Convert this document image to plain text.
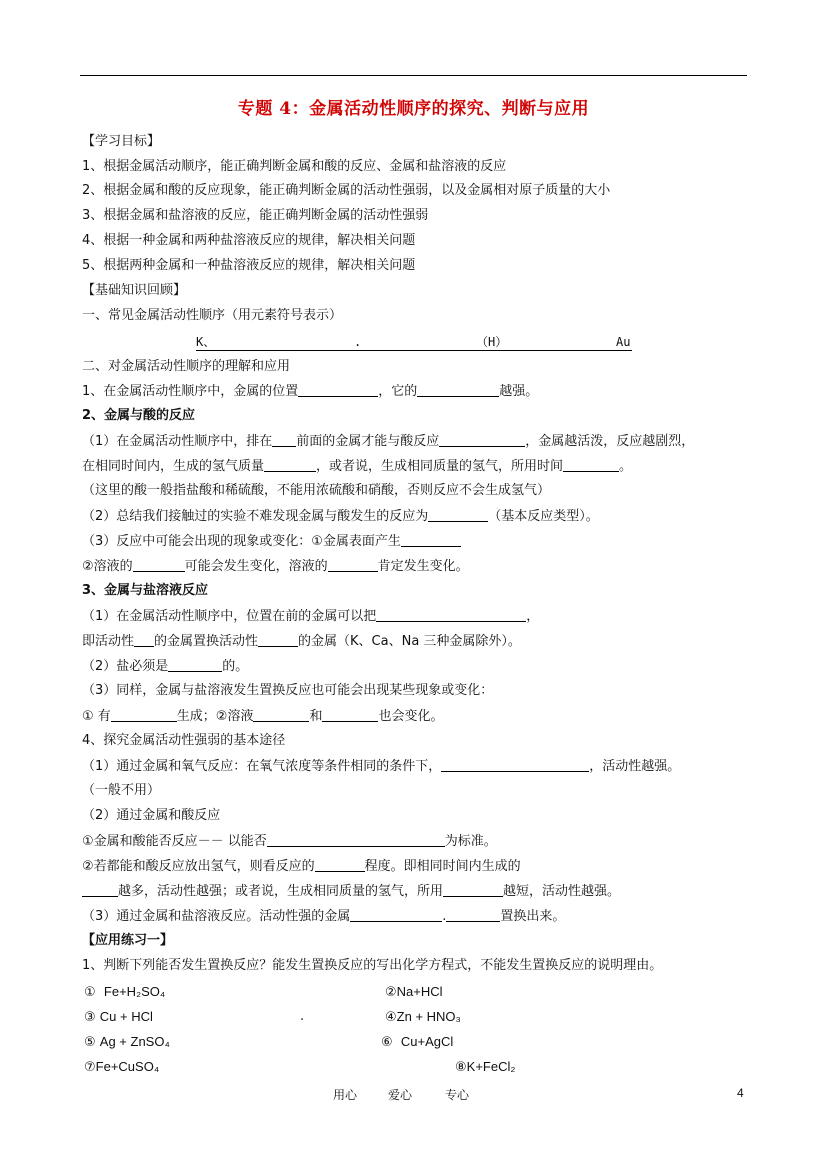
专题 4：金属活动性顺序的探究、判断与应用
【学习目标】
1、根据金属活动顺序，能正确判断金属和酸的反应、金属和盐溶液的反应
2、根据金属和酸的反应现象，能正确判断金属的活动性强弱，以及金属相对原子质量的大小
3、根据金属和盐溶液的反应，能正确判断金属的活动性强弱
4、根据一种金属和两种盐溶液反应的规律，解决相关问题
5、根据两种金属和一种盐溶液反应的规律，解决相关问题
【基础知识回顾】
一、常见金属活动性顺序（用元素符号表示）
K、	.	（H）	Au
二、对金属活动性顺序的理解和应用
1、在金属活动性顺序中，金属的位置	，它的	越强。
2、金属与酸的反应
（1）在金属活动性顺序中，排在 前面的金属才能与酸反应	，金属越活泼，反应越剧烈，
在相同时间内，生成的氢气质量	，或者说，生成相同质量的氢气，所用时间	。
（这里的酸一般指盐酸和稀硫酸，不能用浓硫酸和硝酸，否则反应不会生成氢气）
（2）总结我们接触过的实验不难发现金属与酸发生的反应为	（基本反应类型）。
（3）反应中可能会出现的现象或变化：①金属表面产生
②溶液的	可能会发生变化，溶液的	肯定发生变化。
3、金属与盐溶液反应
（1）在金属活动性顺序中，位置在前的金属可以把	，
即活动性 的金属置换活动性	的金属（K、Ca、Na 三种金属除外）。
（2）盐必须是	的。
（3）同样，金属与盐溶液发生置换反应也可能会出现某些现象或变化：
① 有	生成；②溶液	和	也会变化。
4、探究金属活动性强弱的基本途径
（1）通过金属和氧气反应：在氧气浓度等条件相同的条件下，	，活动性越强。
（一般不用）
（2）通过金属和酸反应
①金属和酸能否反应－－ 以能否	为标准。
②若都能和酸反应放出氢气，则看反应的	程度。即相同时间内生成的
越多，活动性越强；或者说，生成相同质量的氢气，所用	越短，活动性越强。
（3）通过金属和盐溶液反应。活动性强的金属	.	置换出来。
【应用练习一】
1、判断下列能否发生置换反应？能发生置换反应的写出化学方程式，不能发生置换反应的说明理由。
① Fe+H₂SO₄	②Na+HCl
③ Cu + HCl	.	④Zn + HNO₃
⑤ Ag + ZnSO₄	⑥ Cu+AgCl
⑦Fe+CuSO₄	⑧K+FeCl₂
用心	爱心	专心	4
